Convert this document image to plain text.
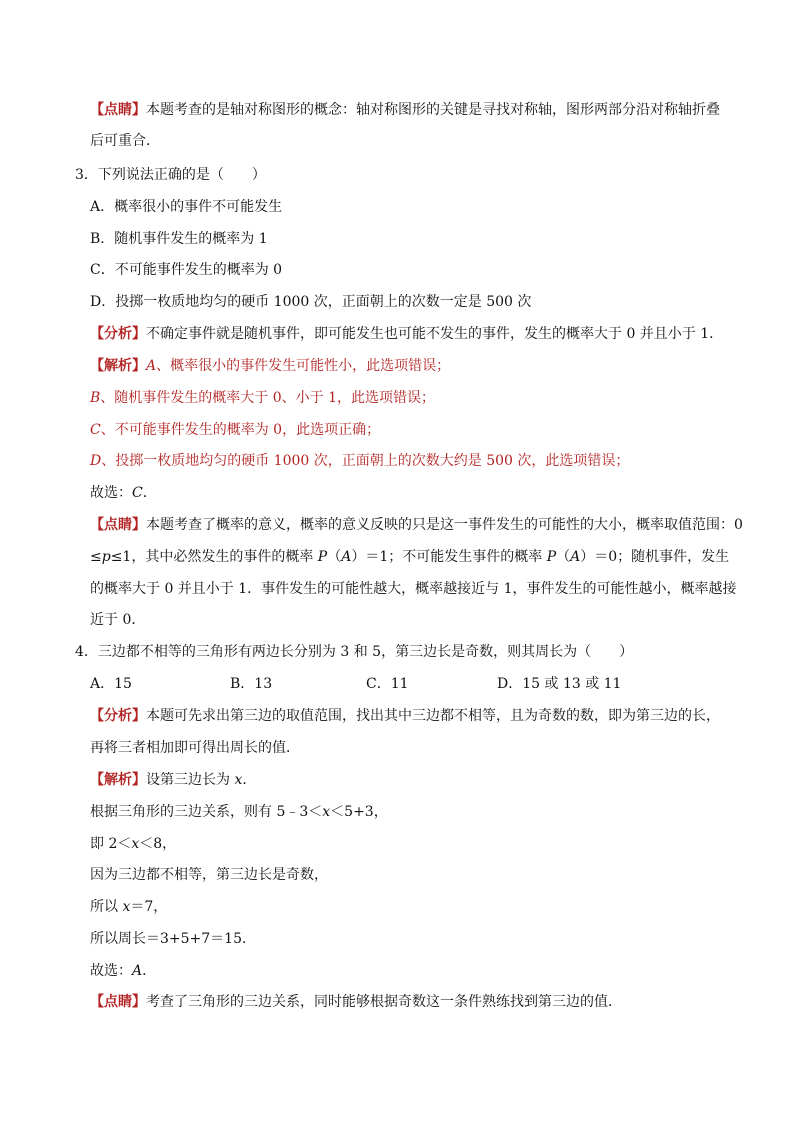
【点睛】本题考查的是轴对称图形的概念：轴对称图形的关键是寻找对称轴，图形两部分沿对称轴折叠
后可重合．
3．下列说法正确的是（　　）
A．概率很小的事件不可能发生
B．随机事件发生的概率为 1
C．不可能事件发生的概率为 0
D．投掷一枚质地均匀的硬币 1000 次，正面朝上的次数一定是 500 次
【分析】不确定事件就是随机事件，即可能发生也可能不发生的事件，发生的概率大于 0 并且小于 1．
【解析】A、概率很小的事件发生可能性小，此选项错误；
B、随机事件发生的概率大于 0、小于 1，此选项错误；
C、不可能事件发生的概率为 0，此选项正确；
D、投掷一枚质地均匀的硬币 1000 次，正面朝上的次数大约是 500 次，此选项错误；
故选：C．
【点睛】本题考查了概率的意义，概率的意义反映的只是这一事件发生的可能性的大小，概率取值范围：0
≤p≤1，其中必然发生的事件的概率 P（A）＝1；不可能发生事件的概率 P（A）＝0；随机事件，发生
的概率大于 0 并且小于 1．事件发生的可能性越大，概率越接近与 1，事件发生的可能性越小，概率越接
近于 0．
4．三边都不相等的三角形有两边长分别为 3 和 5，第三边长是奇数，则其周长为（　　）
A．15	B．13	C．11	D．15 或 13 或 11
【分析】本题可先求出第三边的取值范围，找出其中三边都不相等，且为奇数的数，即为第三边的长，
再将三者相加即可得出周长的值．
【解析】设第三边长为 x．
根据三角形的三边关系，则有 5﹣3＜x＜5+3，
即 2＜x＜8，
因为三边都不相等，第三边长是奇数，
所以 x＝7，
所以周长＝3+5+7＝15．
故选：A．
【点睛】考查了三角形的三边关系，同时能够根据奇数这一条件熟练找到第三边的值．
